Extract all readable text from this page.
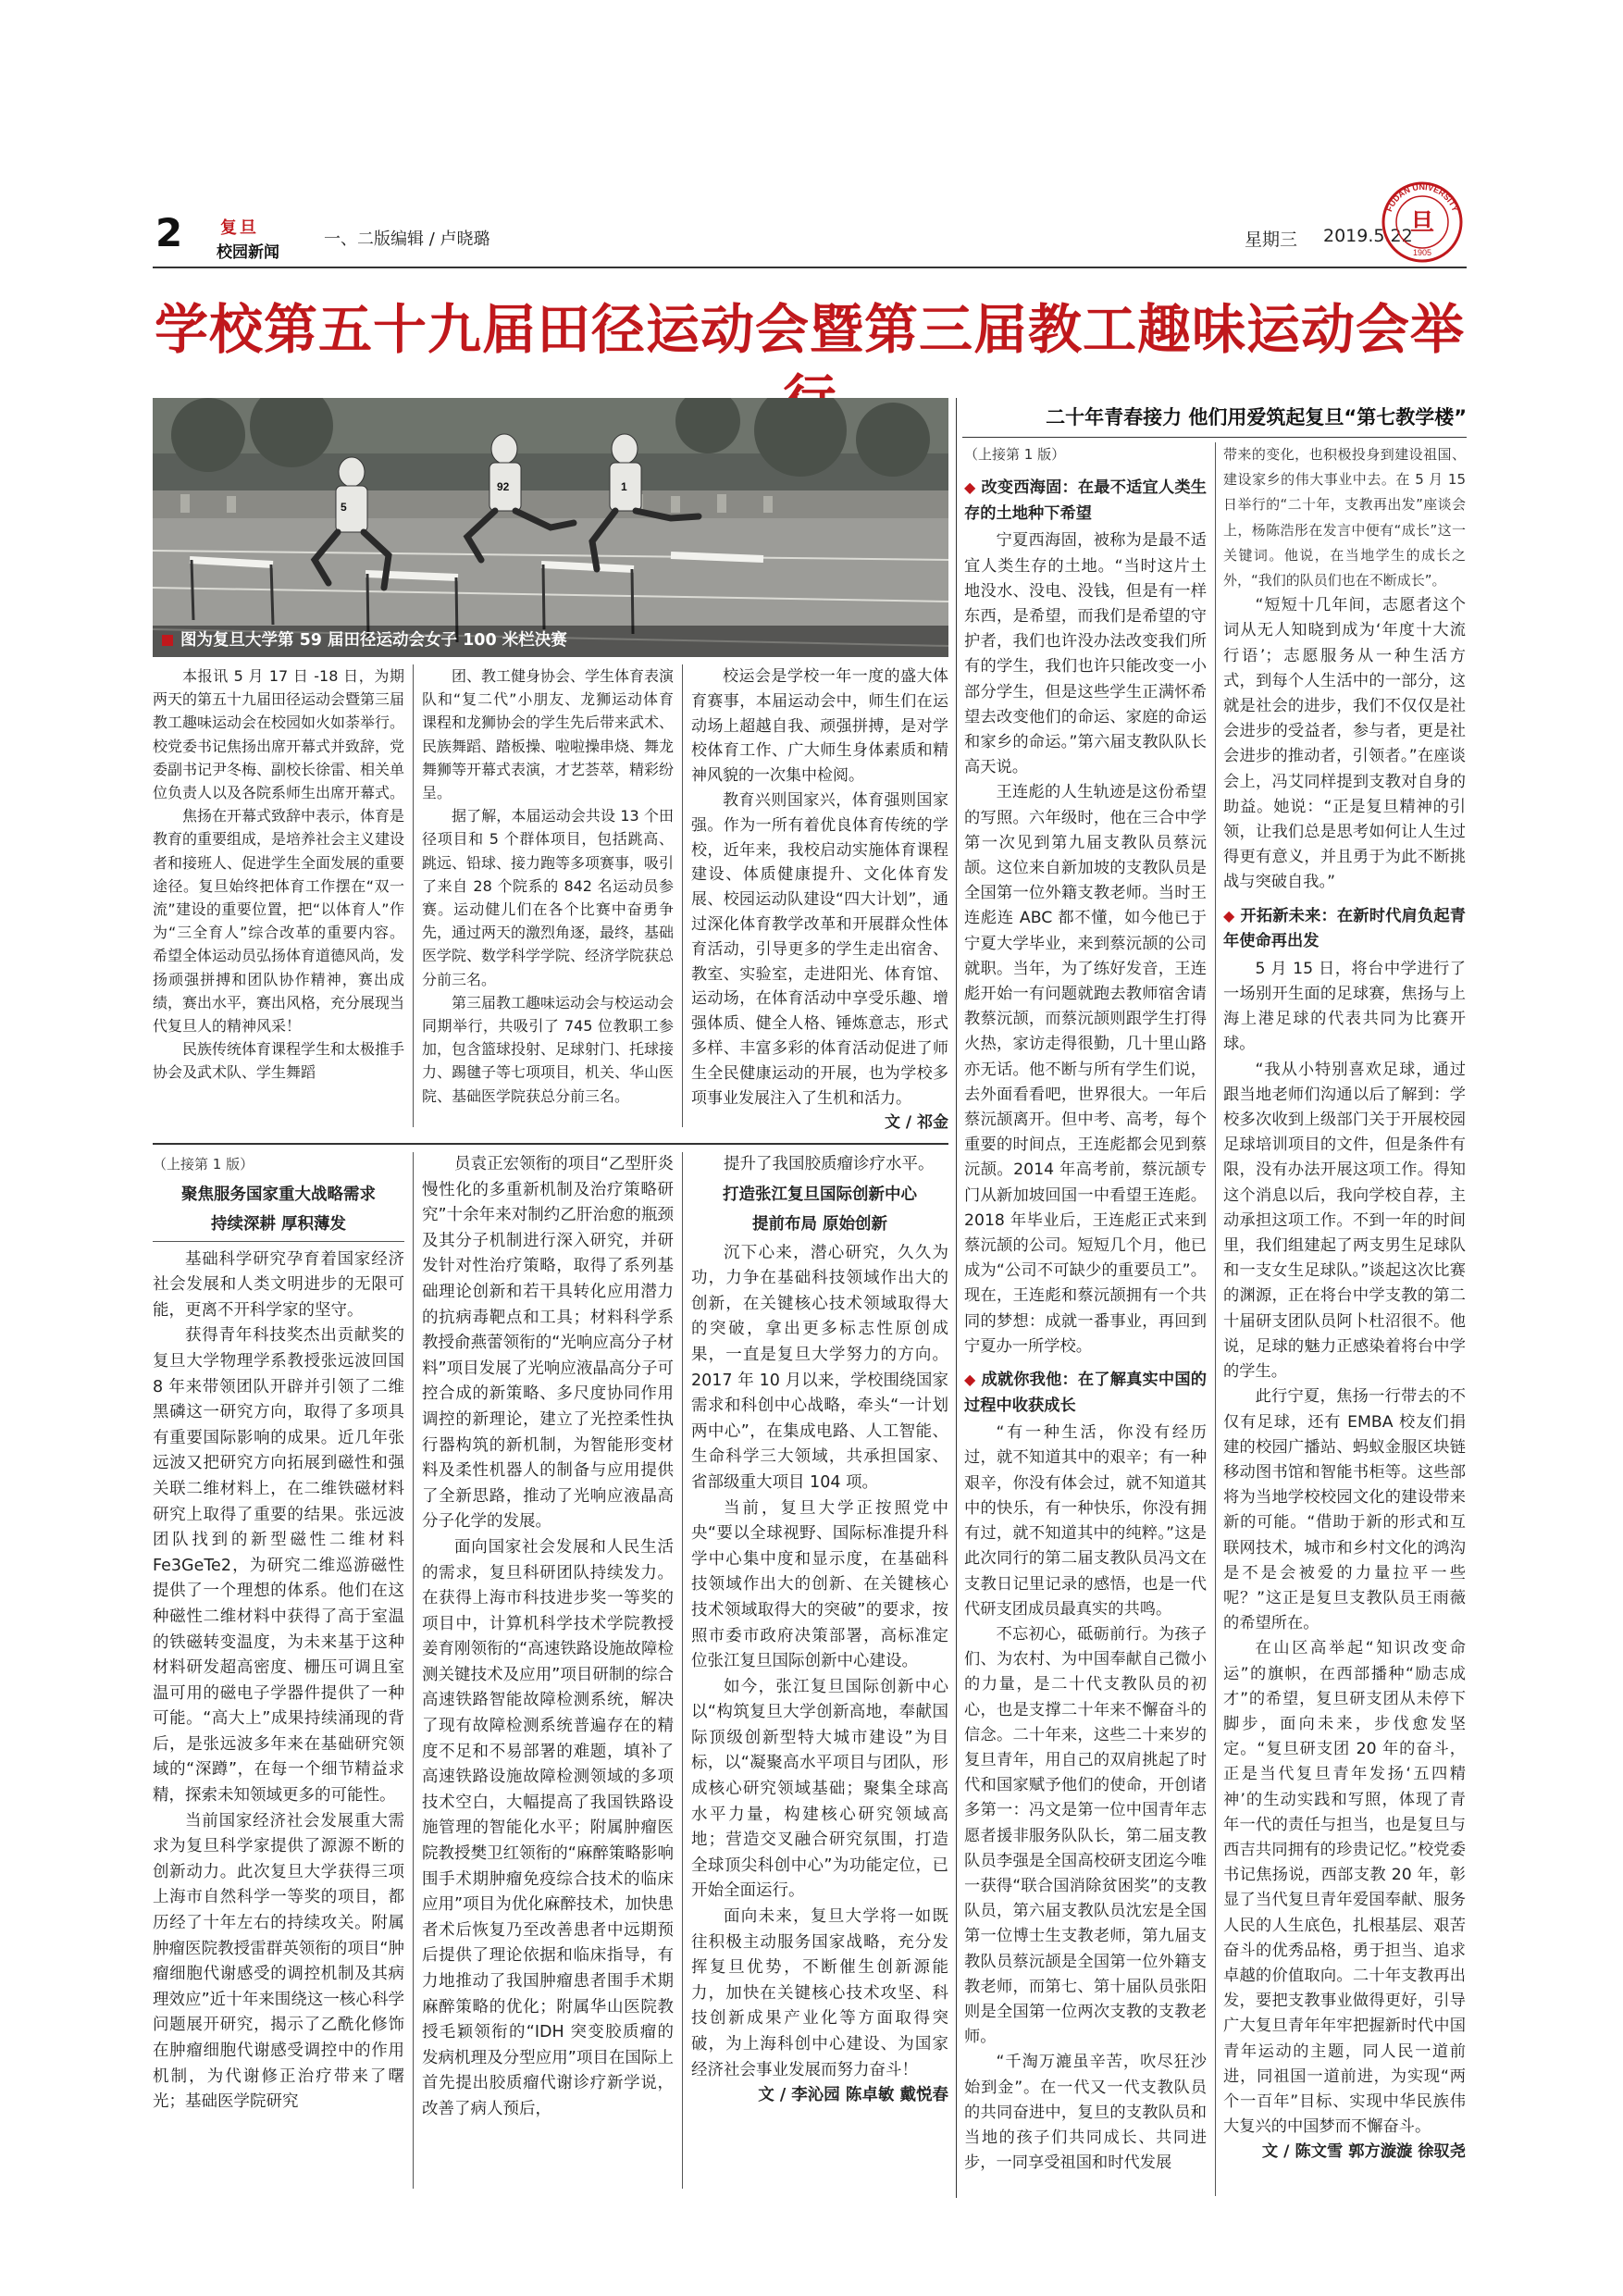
2 复旦
校园新闻
一、二版编辑 / 卢晓璐	星期三 2019.5.22
FUDAN UNIVERSITY
旦
1905
学校第五十九届田径运动会暨第三届教工趣味运动会举
5
92	1
图为复旦大学第 59 届田径运动会女子 100 米栏决赛

本报讯 5 月 17 日 -18 日，为期两天的第五十九届田径运动会暨第三届教工趣味运动会在校园如火如荼举行。校党委书记焦扬出席开幕式并致辞，党委副书记尹冬梅、副校长徐雷、相关单位负责人以及各院系师生出席开幕式。

焦扬在开幕式致辞中表示，体育是教育的重要组成，是培养社会主义建设者和接班人、促进学生全面发展的重要途径。复旦始终把体育工作摆在“双一流”建设的重要位置，把“以体育人”作为“三全育人”综合改革的重要内容。希望全体运动员弘扬体育道德风尚，发扬顽强拼搏和团队协作精神，赛出成绩，赛出水平，赛出风格，充分展现当代复旦人的精神风采！

民族传统体育课程学生和太极推手协会及武术队、学生舞蹈

团、教工健身协会、学生体育表演队和“复二代”小朋友、龙狮运动体育课程和龙狮协会的学生先后带来武术、民族舞蹈、踏板操、啦啦操串烧、舞龙舞狮等开幕式表演，才艺荟萃，精彩纷呈。

据了解，本届运动会共设 13 个田径项目和 5 个群体项目，包括跳高、跳远、铅球、接力跑等多项赛事，吸引了来自 28 个院系的 842 名运动员参赛。运动健儿们在各个比赛中奋勇争先，通过两天的激烈角逐，最终，基础医学院、数学科学学院、经济学院获总分前三名。

第三届教工趣味运动会与校运动会同期举行，共吸引了 745 位教职工参加，包含篮球投射、足球射门、托球接力、踢毽子等七项项目，机关、华山医院、基础医学院获总分前三名。

校运会是学校一年一度的盛大体育赛事，本届运动会中，师生们在运动场上超越自我、顽强拼搏，是对学校体育工作、广大师生身体素质和精神风貌的一次集中检阅。

教育兴则国家兴，体育强则国家强。作为一所有着优良体育传统的学校，近年来，我校启动实施体育课程建设、体质健康提升、文化体育发展、校园运动队建设“四大计划”，通过深化体育教学改革和开展群众性体育活动，引导更多的学生走出宿舍、教室、实验室，走进阳光、体育馆、运动场，在体育活动中享受乐趣、增强体质、健全人格、锤炼意志，形式多样、丰富多彩的体育活动促进了师生全民健康运动的开展，也为学校多项事业发展注入了生机和活力。

文 / 祁金

（上接第 1 版）

聚焦服务国家重大战略需求
持续深耕 厚积薄发

基础科学研究孕育着国家经济社会发展和人类文明进步的无限可能，更离不开科学家的坚守。

获得青年科技奖杰出贡献奖的复旦大学物理学系教授张远波回国 8 年来带领团队开辟并引领了二维黑磷这一研究方向，取得了多项具有重要国际影响的成果。近几年张远波又把研究方向拓展到磁性和强关联二维材料上，在二维铁磁材料研究上取得了重要的结果。张远波团队找到的新型磁性二维材料 Fe3GeTe2，为研究二维巡游磁性提供了一个理想的体系。他们在这种磁性二维材料中获得了高于室温的铁磁转变温度，为未来基于这种材料研发超高密度、栅压可调且室温可用的磁电子学器件提供了一种可能。“高大上”成果持续涌现的背后，是张远波多年来在基础研究领域的“深蹲”，在每一个细节精益求精，探索未知领域更多的可能性。

当前国家经济社会发展重大需求为复旦科学家提供了源源不断的创新动力。此次复旦大学获得三项上海市自然科学一等奖的项目，都历经了十年左右的持续攻关。附属肿瘤医院教授雷群英领衔的项目“肿瘤细胞代谢感受的调控机制及其病理效应”近十年来围绕这一核心科学问题展开研究，揭示了乙酰化修饰在肿瘤细胞代谢感受调控中的作用机制，为代谢修正治疗带来了曙光；基础医学院研究

员袁正宏领衔的项目“乙型肝炎慢性化的多重新机制及治疗策略研究”十余年来对制约乙肝治愈的瓶颈及其分子机制进行深入研究，并研发针对性治疗策略，取得了系列基础理论创新和若干具转化应用潜力的抗病毒靶点和工具；材料科学系教授俞燕蕾领衔的“光响应高分子材料”项目发展了光响应液晶高分子可控合成的新策略、多尺度协同作用调控的新理论，建立了光控柔性执行器构筑的新机制，为智能形变材料及柔性机器人的制备与应用提供了全新思路，推动了光响应液晶高分子化学的发展。

面向国家社会发展和人民生活的需求，复旦科研团队持续发力。在获得上海市科技进步奖一等奖的项目中，计算机科学技术学院教授姜育刚领衔的“高速铁路设施故障检测关键技术及应用”项目研制的综合高速铁路智能故障检测系统，解决了现有故障检测系统普遍存在的精度不足和不易部署的难题，填补了高速铁路设施故障检测领域的多项技术空白，大幅提高了我国铁路设施管理的智能化水平；附属肿瘤医院教授樊卫红领衔的“麻醉策略影响围手术期肿瘤免疫综合技术的临床应用”项目为优化麻醉技术，加快患者术后恢复乃至改善患者中远期预后提供了理论依据和临床指导，有力地推动了我国肿瘤患者围手术期麻醉策略的优化；附属华山医院教授毛颖领衔的“IDH 突变胶质瘤的发病机理及分型应用”项目在国际上首先提出胶质瘤代谢诊疗新学说，改善了病人预后，

提升了我国胶质瘤诊疗水平。

打造张江复旦国际创新中心
提前布局 原始创新

沉下心来，潜心研究，久久为功，力争在基础科技领域作出大的创新，在关键核心技术领域取得大的突破，拿出更多标志性原创成果，一直是复旦大学努力的方向。2017 年 10 月以来，学校围绕国家需求和科创中心战略，牵头“一计划两中心”，在集成电路、人工智能、生命科学三大领域，共承担国家、省部级重大项目 104 项。

当前，复旦大学正按照党中央“要以全球视野、国际标准提升科学中心集中度和显示度，在基础科技领域作出大的创新、在关键核心技术领域取得大的突破”的要求，按照市委市政府决策部署，高标准定位张江复旦国际创新中心建设。

如今，张江复旦国际创新中心以“构筑复旦大学创新高地，奉献国际顶级创新型特大城市建设”为目标，以“凝聚高水平项目与团队，形成核心研究领域基础；聚集全球高水平力量，构建核心研究领域高地；营造交叉融合研究氛围，打造全球顶尖科创中心”为功能定位，已开始全面运行。

面向未来，复旦大学将一如既往积极主动服务国家战略，充分发挥复旦优势，不断催生创新源能力，加快在关键核心技术攻坚、科技创新成果产业化等方面取得突破，为上海科创中心建设、为国家经济社会事业发展而努力奋斗！

文 / 李沁园 陈卓敏 戴悦春

二十年青春接力 他们用爱筑起复旦“第七教学楼”

（上接第 1 版）

◆ 改变西海固：在最不适宜人类生存的土地种下希望

宁夏西海固，被称为是最不适宜人类生存的土地。“当时这片土地没水、没电、没钱，但是有一样东西，是希望，而我们是希望的守护者，我们也许没办法改变我们所有的学生，我们也许只能改变一小部分学生，但是这些学生正满怀希望去改变他们的命运、家庭的命运和家乡的命运。”第六届支教队队长高天说。

王连彪的人生轨迹是这份希望的写照。六年级时，他在三合中学第一次见到第九届支教队员蔡沅颉。这位来自新加坡的支教队员是全国第一位外籍支教老师。当时王连彪连 ABC 都不懂，如今他已于宁夏大学毕业，来到蔡沅颉的公司就职。当年，为了练好发音，王连彪开始一有问题就跑去教师宿舍请教蔡沅颉，而蔡沅颉则跟学生打得火热，家访走得很勤，几十里山路亦无话。他不断与所有学生们说，去外面看看吧，世界很大。一年后蔡沅颉离开。但中考、高考，每个重要的时间点，王连彪都会见到蔡沅颉。2014 年高考前，蔡沅颉专门从新加坡回国一中看望王连彪。2018 年毕业后，王连彪正式来到蔡沅颉的公司。短短几个月，他已成为“公司不可缺少的重要员工”。现在，王连彪和蔡沅颉拥有一个共同的梦想：成就一番事业，再回到宁夏办一所学校。

◆ 成就你我他：在了解真实中国的过程中收获成长

“有一种生活，你没有经历过，就不知道其中的艰辛；有一种艰辛，你没有体会过，就不知道其中的快乐，有一种快乐，你没有拥有过，就不知道其中的纯粹。”这是此次同行的第二届支教队员冯文在支教日记里记录的感悟，也是一代代研支团成员最真实的共鸣。

不忘初心，砥砺前行。为孩子们、为农村、为中国奉献自己微小的力量，是二十代支教队员的初心，也是支撑二十年来不懈奋斗的信念。二十年来，这些二十来岁的复旦青年，用自己的双肩挑起了时代和国家赋予他们的使命，开创诸多第一：冯文是第一位中国青年志愿者援非服务队队长，第二届支教队员李强是全国高校研支团迄今唯一获得“联合国消除贫困奖”的支教队员，第六届支教队员沈宏是全国第一位博士生支教老师，第九届支教队员蔡沅颉是全国第一位外籍支教老师，而第七、第十届队员张阳则是全国第一位两次支教的支教老师。

“千淘万漉虽辛苦，吹尽狂沙始到金”。在一代又一代支教队员的共同奋进中，复旦的支教队员和当地的孩子们共同成长、共同进步，一同享受祖国和时代发展

带来的变化，也积极投身到建设祖国、建设家乡的伟大事业中去。在 5 月 15 日举行的“二十年，支教再出发”座谈会上，杨陈浩彤在发言中便有“成长”这一关键词。他说，在当地学生的成长之外，“我们的队员们也在不断成长”。

“短短十几年间，志愿者这个词从无人知晓到成为‘年度十大流行语’；志愿服务从一种生活方式，到每个人生活中的一部分，这就是社会的进步，我们不仅仅是社会进步的受益者，参与者，更是社会进步的推动者，引领者。”在座谈会上，冯艾同样提到支教对自身的助益。她说：“正是复旦精神的引领，让我们总是思考如何让人生过得更有意义，并且勇于为此不断挑战与突破自我。”

◆ 开拓新未来：在新时代肩负起青年使命再出发

5 月 15 日，将台中学进行了一场别开生面的足球赛，焦扬与上海上港足球的代表共同为比赛开球。

“我从小特别喜欢足球，通过跟当地老师们沟通以后了解到：学校多次收到上级部门关于开展校园足球培训项目的文件，但是条件有限，没有办法开展这项工作。得知这个消息以后，我向学校自荐，主动承担这项工作。不到一年的时间里，我们组建起了两支男生足球队和一支女生足球队。”谈起这次比赛的渊源，正在将台中学支教的第二十届研支团队员阿卜杜沼很不。他说，足球的魅力正感染着将台中学的学生。

此行宁夏，焦扬一行带去的不仅有足球，还有 EMBA 校友们捐建的校园广播站、蚂蚁金服区块链移动图书馆和智能书柜等。这些部将为当地学校校园文化的建设带来新的可能。“借助于新的形式和互联网技术，城市和乡村文化的鸿沟是不是会被爱的力量拉平一些呢？”这正是复旦支教队员王雨薇的希望所在。

在山区高举起“知识改变命运”的旗帜，在西部播种“励志成才”的希望，复旦研支团从未停下脚步，面向未来，步伐愈发坚定。“复旦研支团 20 年的奋斗，正是当代复旦青年发扬‘五四精神’的生动实践和写照，体现了青年一代的责任与担当，也是复旦与西吉共同拥有的珍贵记忆。”校党委书记焦扬说，西部支教 20 年，彰显了当代复旦青年爱国奉献、服务人民的人生底色，扎根基层、艰苦奋斗的优秀品格，勇于担当、追求卓越的价值取向。二十年支教再出发，要把支教事业做得更好，引导广大复旦青年年牢把握新时代中国青年运动的主题，同人民一道前进，同祖国一道前进，为实现“两个一百年”目标、实现中华民族伟大复兴的中国梦而不懈奋斗。

文 / 陈文雪 郭方漩漩 徐驭尧
